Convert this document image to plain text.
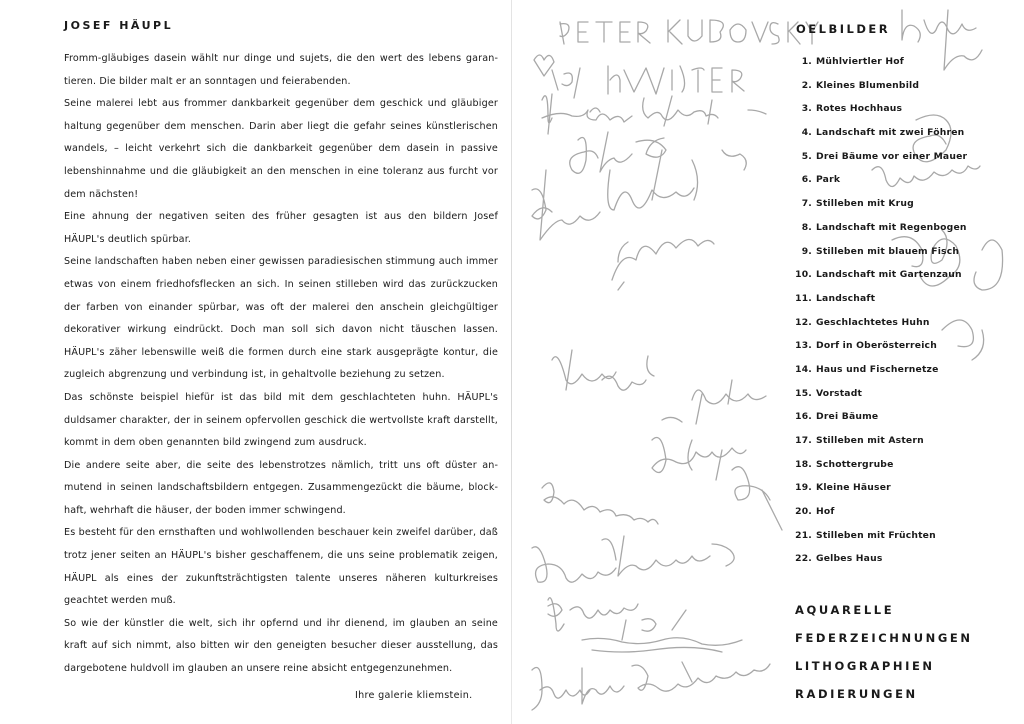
JOSEF HÄUPL

Fromm-gläubiges dasein wählt nur dinge und sujets, die den wert des lebens garantieren. Die bilder malt er an sonntagen und feierabenden.

Seine malerei lebt aus frommer dankbarkeit gegenüber dem geschick und gläubiger haltung gegenüber dem menschen. Darin aber liegt die gefahr seines künstlerischen wandels, – leicht verkehrt sich die dankbarkeit gegenüber dem dasein in passive lebenshinnahme und die gläubigkeit an den menschen in eine toleranz aus furcht vor dem nächsten!

Eine ahnung der negativen seiten des früher gesagten ist aus den bildern Josef HÄUPL's deutlich spürbar.

Seine landschaften haben neben einer gewissen paradiesischen stimmung auch immer etwas von einem friedhofsflecken an sich. In seinen stilleben wird das zurückzucken der farben von einander spürbar, was oft der malerei den anschein gleichgültiger dekorativer wirkung eindrückt. Doch man soll sich davon nicht täuschen lassen. HÄUPL's zäher lebenswille weiß die formen durch eine stark ausgeprägte kontur, die zugleich abgrenzung und verbindung ist, in gehaltvolle beziehung zu setzen.

Das schönste beispiel hiefür ist das bild mit dem geschlachteten huhn. HÄUPL's duldsamer charakter, der in seinem opfervollen geschick die wertvollste kraft darstellt, kommt in dem oben genannten bild zwingend zum ausdruck.

Die andere seite aber, die seite des lebenstrotzes nämlich, tritt uns oft düster anmutend in seinen landschaftsbildern entgegen. Zusammengezückt die bäume, blockhaft, wehrhaft die häuser, der boden immer schwingend.

Es besteht für den ernsthaften und wohlwollenden beschauer kein zweifel darüber, daß trotz jener seiten an HÄUPL's bisher geschaffenem, die uns seine problematik zeigen, HÄUPL als eines der zukunftsträchtigsten talente unseres näheren kulturkreises geachtet werden muß.

So wie der künstler die welt, sich ihr opfernd und ihr dienend, im glauben an seine kraft auf sich nimmt, also bitten wir den geneigten besucher dieser ausstellung, das dargebotene huldvoll im glauben an unsere reine absicht entgegenzunehmen.

Ihre galerie kliemstein.
OELBILDER
1. Mühlviertler Hof
2. Kleines Blumenbild
3. Rotes Hochhaus
4. Landschaft mit zwei Föhren
5. Drei Bäume vor einer Mauer
6. Park
7. Stilleben mit Krug
8. Landschaft mit Regenbogen
9. Stilleben mit blauem Fisch
10. Landschaft mit Gartenzaun
11. Landschaft
12. Geschlachtetes Huhn
13. Dorf in Oberösterreich
14. Haus und Fischernetze
15. Vorstadt
16. Drei Bäume
17. Stilleben mit Astern
18. Schottergrube
19. Kleine Häuser
20. Hof
21. Stilleben mit Früchten
22. Gelbes Haus
AQUARELLE
FEDERZEICHNUNGEN
LITHOGRAPHIEN
RADIERUNGEN
